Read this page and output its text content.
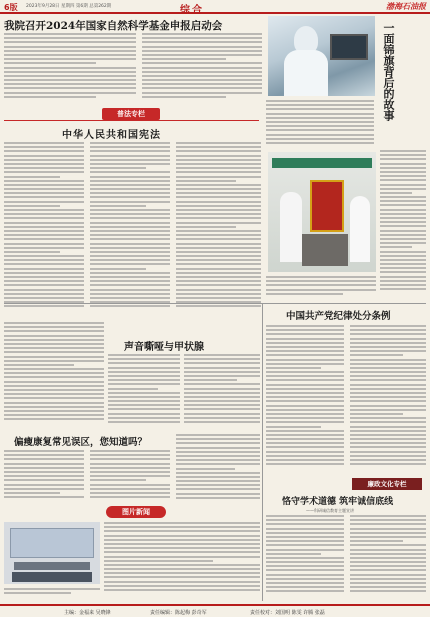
6版 2023年9月28日 星期四 第6期 总第262期	综合	渤海石油报
我院召开2024年国家自然科学基金申报启动会	一面锦旗背后的故事
普法专栏
中华人民共和国宪法
中国共产党纪律处分条例
廉政文化专栏
恪守学术道德 筑牢诚信底线
——科研诚信教育主题宣讲
声音嘶哑与甲状腺
偏瘦康复常见误区，您知道吗？
图片新闻
主编：金福来 吴晓锋	责任编辑：陈起梅 彭奇军	责任校对：刘国明 陈雯 许腾 张磊
